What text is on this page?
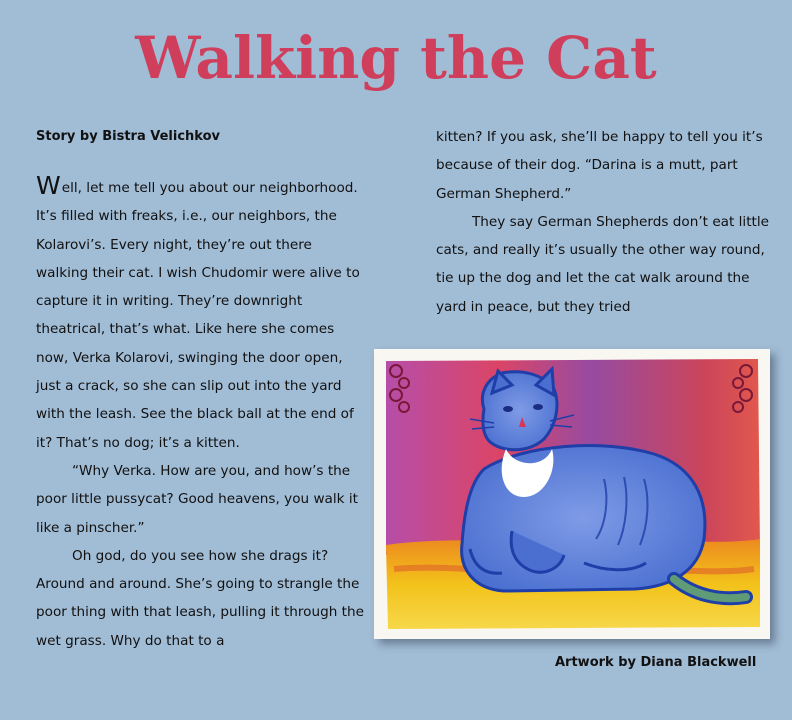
Walking the Cat
Story by Bistra Velichkov

Well, let me tell you about our neighborhood. It’s filled with freaks, i.e., our neighbors, the Kolarovi’s. Every night, they’re out there walking their cat. I wish Chudomir were alive to capture it in writing. They’re downright theatrical, that’s what. Like here she comes now, Verka Kolarovi, swinging the door open, just a crack, so she can slip out into the yard with the leash. See the black ball at the end of it? That’s no dog; it’s a kitten.

“Why Verka. How are you, and how’s the poor little pussycat? Good heavens, you walk it like a pinscher.”

Oh god, do you see how she drags it? Around and around. She’s going to strangle the poor thing with that leash, pulling it through the wet grass. Why do that to a

kitten? If you ask, she’ll be happy to tell you it’s because of their dog. “Darina is a mutt, part German Shepherd.”

They say German Shepherds don’t eat little cats, and really it’s usually the other way round, tie up the dog and let the cat walk around the yard in peace, but they tried

Artwork by Diana Blackwell
